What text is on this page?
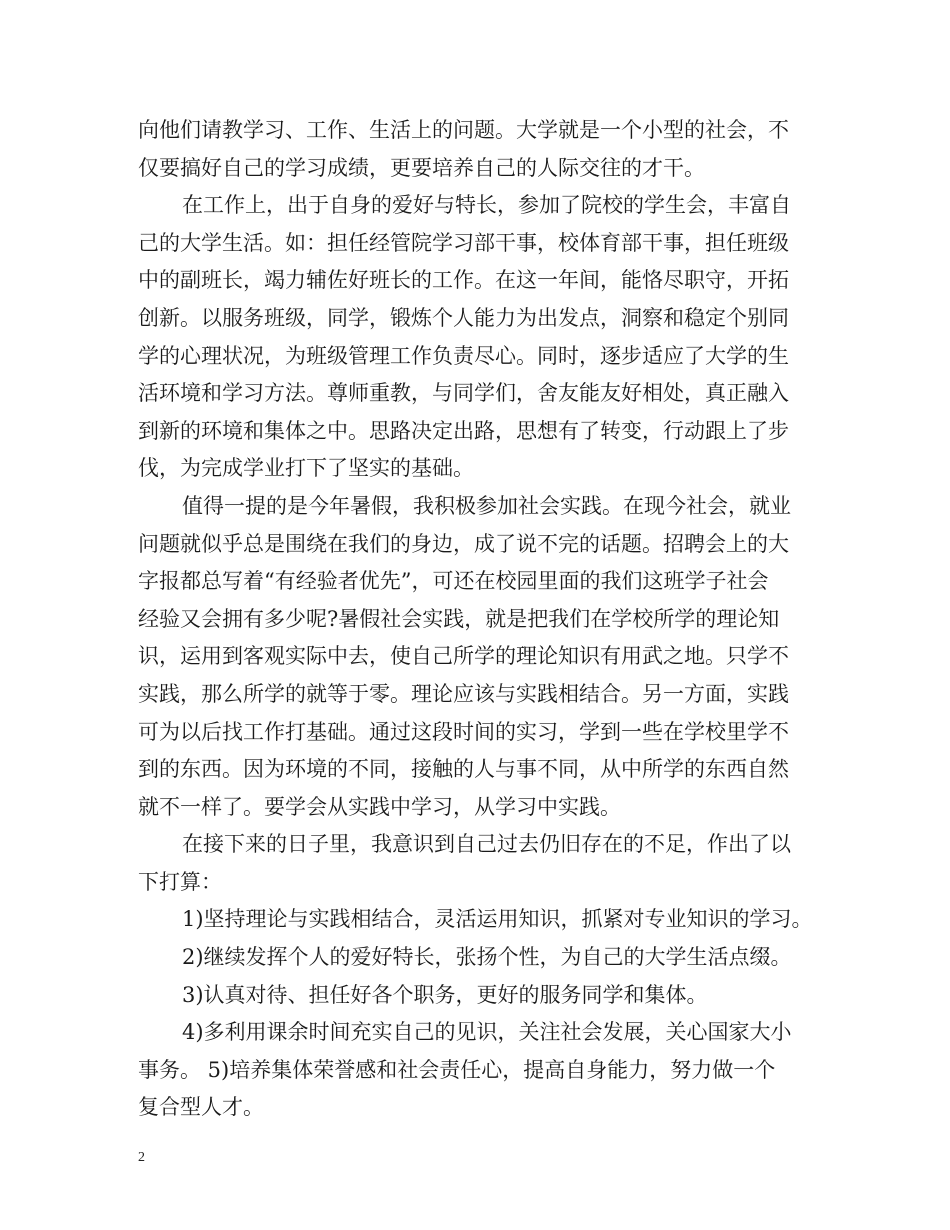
向他们请教学习、工作、生活上的问题。大学就是一个小型的社会，不
仅要搞好自己的学习成绩，更要培养自己的人际交往的才干。
在工作上，出于自身的爱好与特长，参加了院校的学生会，丰富自
己的大学生活。如：担任经管院学习部干事，校体育部干事，担任班级
中的副班长，竭力辅佐好班长的工作。在这一年间，能恪尽职守，开拓
创新。以服务班级，同学，锻炼个人能力为出发点，洞察和稳定个别同
学的心理状况，为班级管理工作负责尽心。同时，逐步适应了大学的生
活环境和学习方法。尊师重教，与同学们，舍友能友好相处，真正融入
到新的环境和集体之中。思路决定出路，思想有了转变，行动跟上了步
伐，为完成学业打下了坚实的基础。
值得一提的是今年暑假，我积极参加社会实践。在现今社会，就业
问题就似乎总是围绕在我们的身边，成了说不完的话题。招聘会上的大
字报都总写着“有经验者优先”，可还在校园里面的我们这班学子社会
经验又会拥有多少呢?暑假社会实践，就是把我们在学校所学的理论知
识，运用到客观实际中去，使自己所学的理论知识有用武之地。只学不
实践，那么所学的就等于零。理论应该与实践相结合。另一方面，实践
可为以后找工作打基础。通过这段时间的实习，学到一些在学校里学不
到的东西。因为环境的不同，接触的人与事不同，从中所学的东西自然
就不一样了。要学会从实践中学习，从学习中实践。
在接下来的日子里，我意识到自己过去仍旧存在的不足，作出了以
下打算：
1)坚持理论与实践相结合，灵活运用知识，抓紧对专业知识的学习。
2)继续发挥个人的爱好特长，张扬个性，为自己的大学生活点缀。
3)认真对待、担任好各个职务，更好的服务同学和集体。
4)多利用课余时间充实自己的见识，关注社会发展，关心国家大小
事务。 5)培养集体荣誉感和社会责任心，提高自身能力，努力做一个
复合型人才。
2
